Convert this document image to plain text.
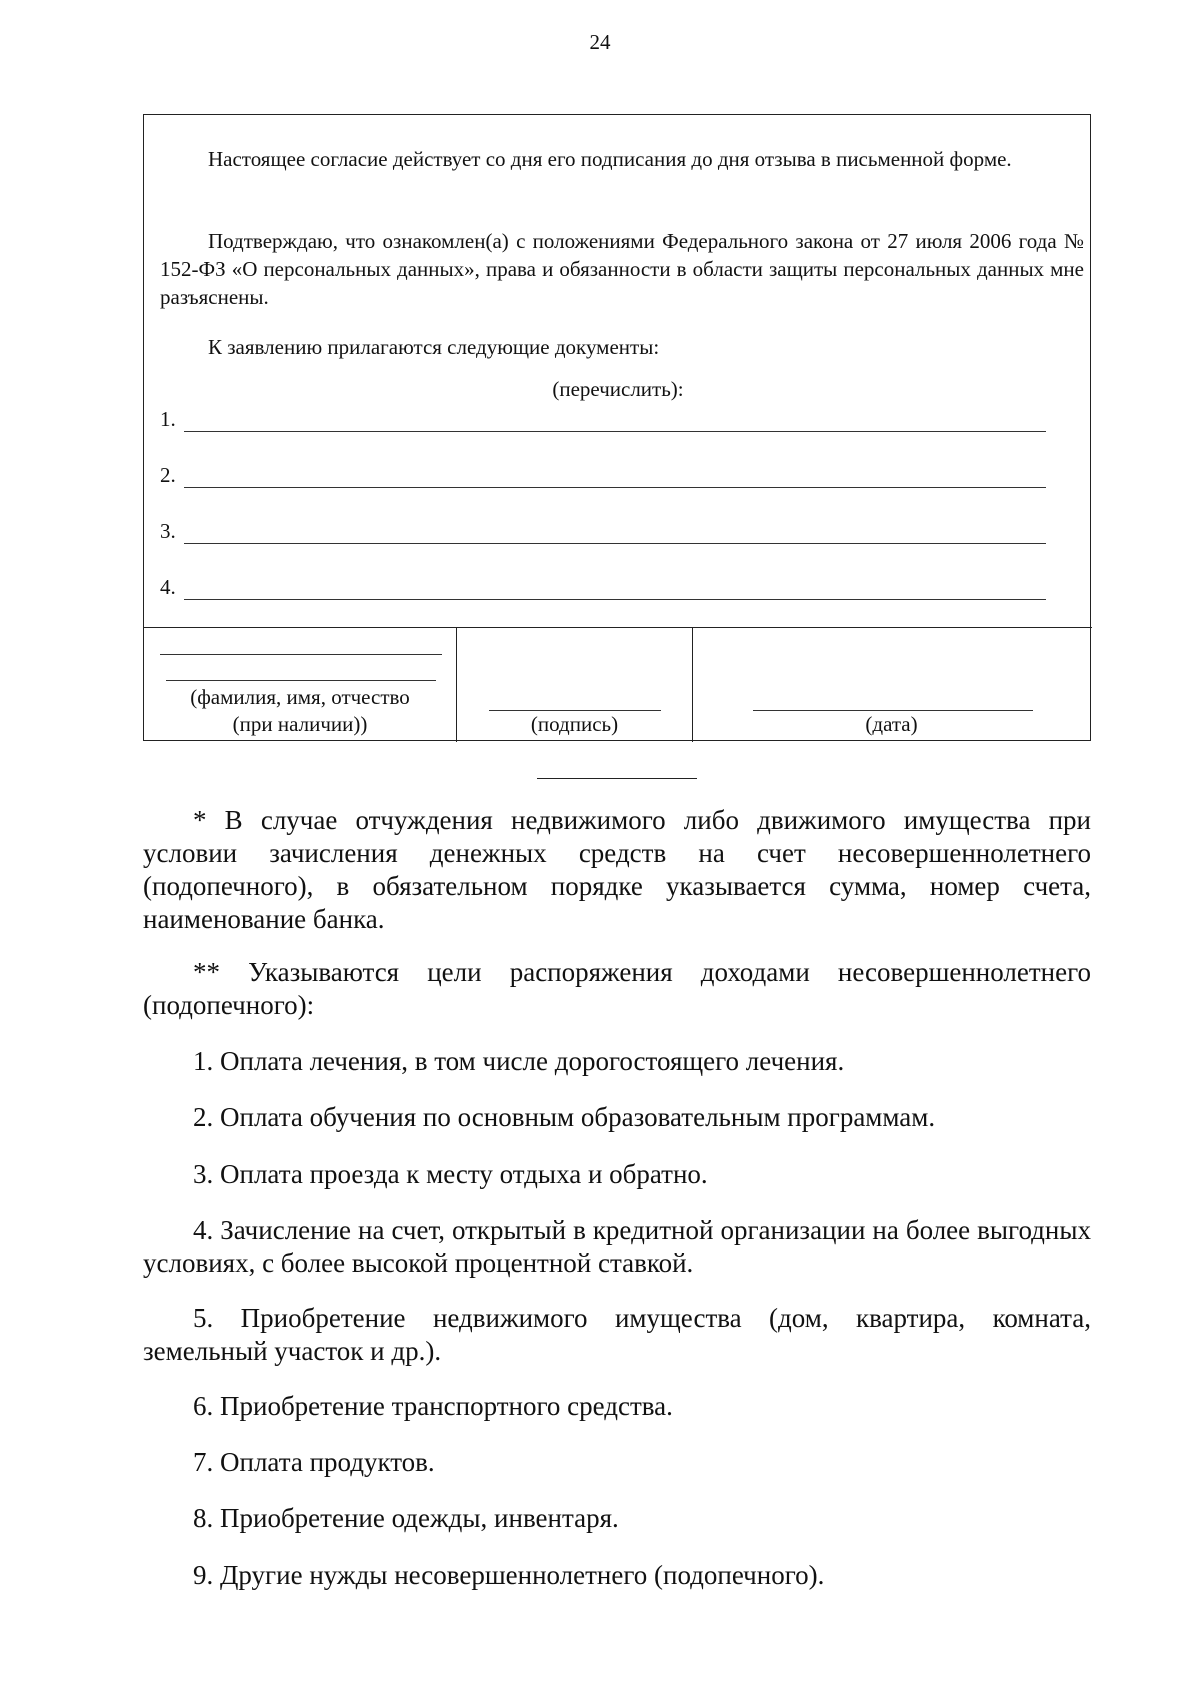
24

Настоящее согласие действует со дня его подписания до дня отзыва в письменной форме.

Подтверждаю, что ознакомлен(а) с положениями Федерального закона от 27 июля 2006 года № 152-ФЗ «О персональных данных», права и обязанности в области защиты персональных данных мне разъяснены.

К заявлению прилагаются следующие документы:

(перечислить):
1.
2.
3.
4.
(фамилия, имя, отчество
(при наличии))	(подпись)	(дата)

* В случае отчуждения недвижимого либо движимого имущества при условии зачисления денежных средств на счет несовершеннолетнего (подопечного), в обязательном порядке указывается сумма, номер счета, наименование банка.

** Указываются цели распоряжения доходами несовершеннолетнего (подопечного):

1. Оплата лечения, в том числе дорогостоящего лечения.

2. Оплата обучения по основным образовательным программам.

3. Оплата проезда к месту отдыха и обратно.

4. Зачисление на счет, открытый в кредитной организации на более выгодных условиях, с более высокой процентной ставкой.

5. Приобретение недвижимого имущества (дом, квартира, комната, земельный участок и др.).

6. Приобретение транспортного средства.

7. Оплата продуктов.

8. Приобретение одежды, инвентаря.

9. Другие нужды несовершеннолетнего (подопечного).
